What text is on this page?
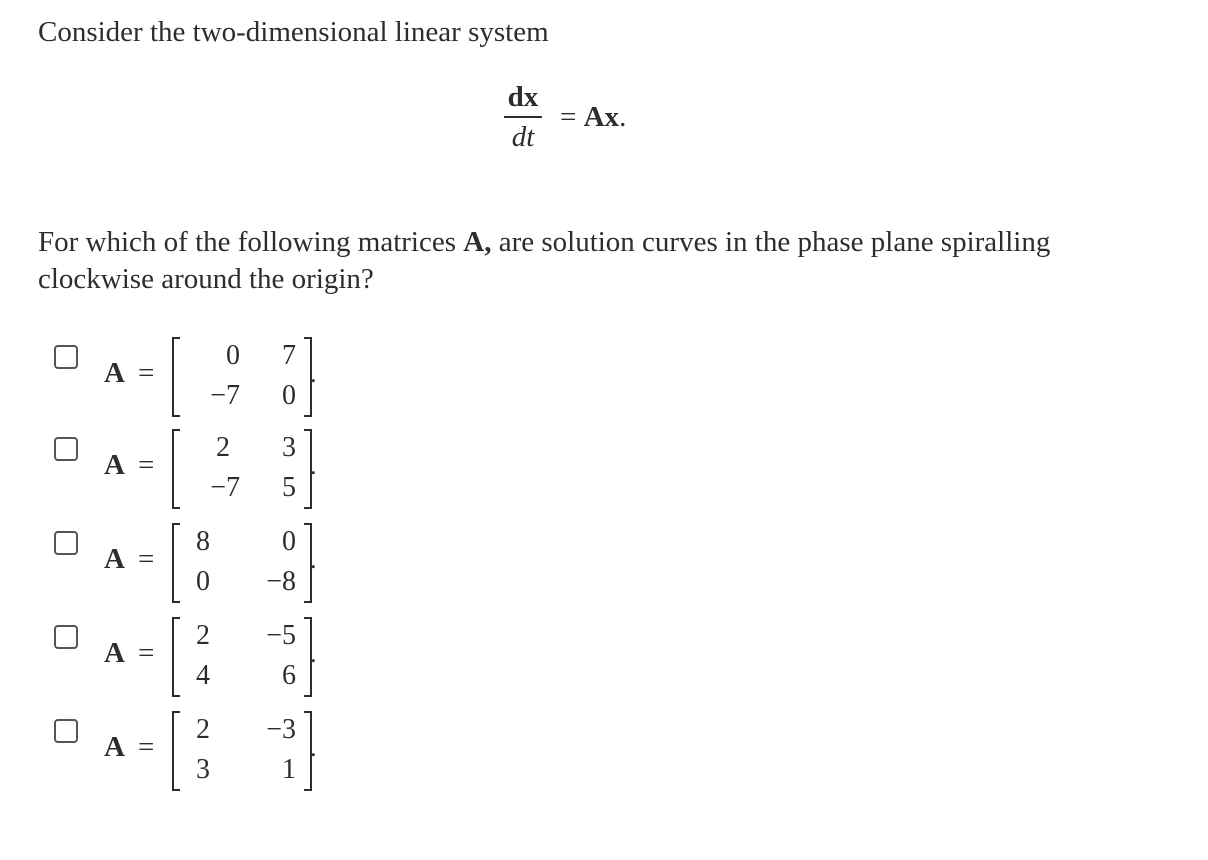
Consider the two-dimensional linear system
$\frac{dx}{dt} = Ax$.
For which of the following matrices A, are solution curves in the phase plane spiralling clockwise around the origin?
A =
0	7
−7	0
.
A =
2	3
−7	5
.
A =
8	0
0	−8
.
A =
2	−5
4	6
.
A =
2	−3
3	1
.
